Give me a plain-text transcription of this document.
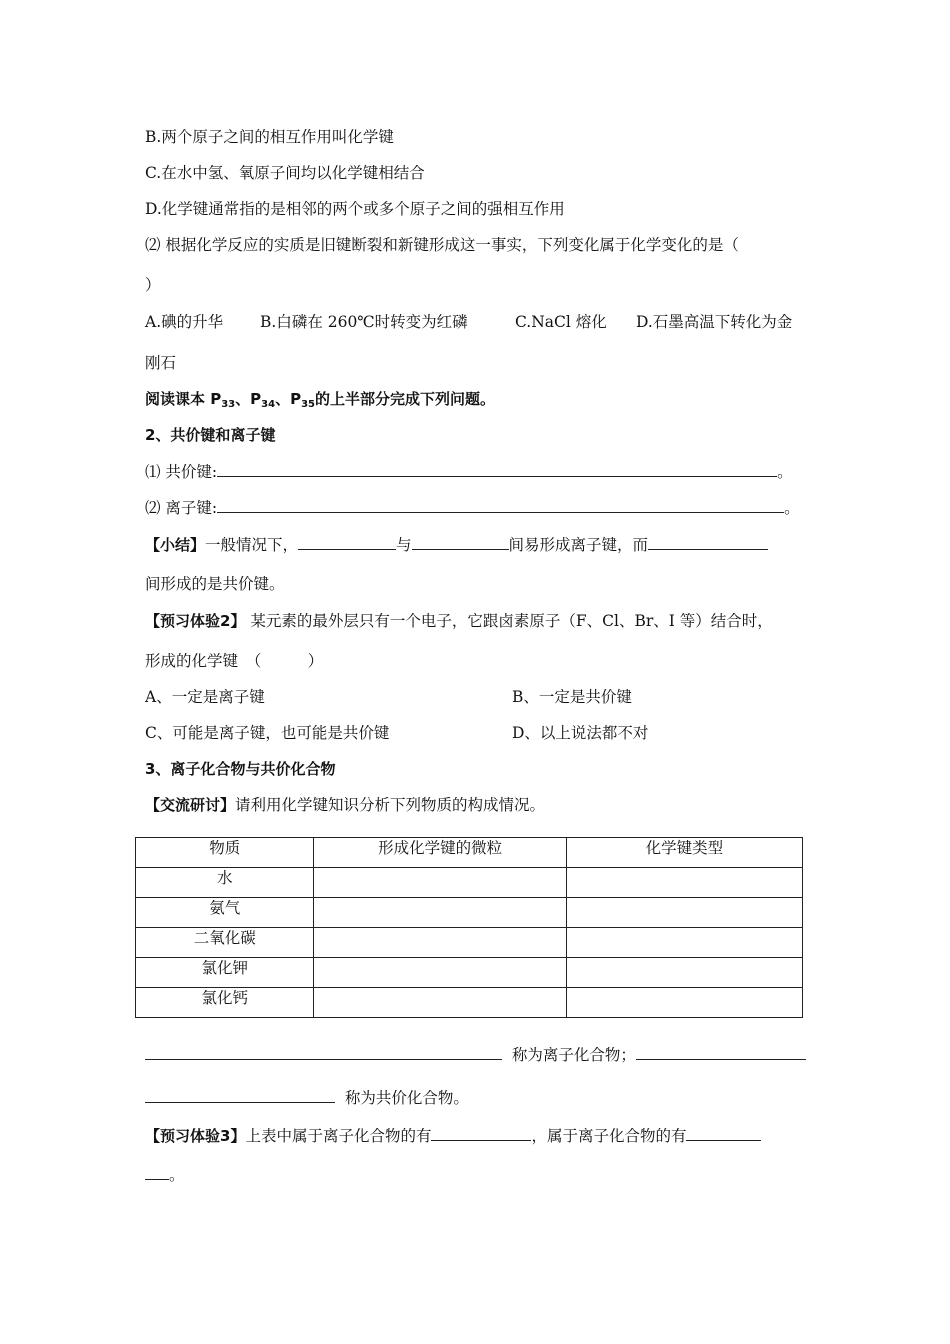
B.两个原子之间的相互作用叫化学键
C.在水中氢、氧原子间均以化学键相结合
D.化学键通常指的是相邻的两个或多个原子之间的强相互作用
⑵ 根据化学反应的实质是旧键断裂和新键形成这一事实，下列变化属于化学变化的是（
）
A.碘的升华 B.白磷在 260℃时转变为红磷	C.NaCl 熔化 D.石墨高温下转化为金
刚石
阅读课本 $P_{33}$、$P_{34}$、$P_{35}$的上半部分完成下列问题。
2、共价键和离子键
⑴ 共价键:	。
⑵ 离子键:	。
【小结】一般情况下，	与	间易形成离子键，而
间形成的是共价键。
【预习体验2】 某元素的最外层只有一个电子，它跟卤素原子（F、Cl、Br、I 等）结合时，
形成的化学键　（　　　）
A、一定是离子键	B、一定是共价键
C、可能是离子键，也可能是共价键	D、以上说法都不对
3、离子化合物与共价化合物
【交流研讨】请利用化学键知识分析下列物质的构成情况。
物质	形成化学键的微粒	化学键类型
水		
氨气		
二氧化碳		
氯化钾		
氯化钙		
称为离子化合物；
称为共价化合物。
【预习体验3】上表中属于离子化合物的有	，属于离子化合物的有
。
